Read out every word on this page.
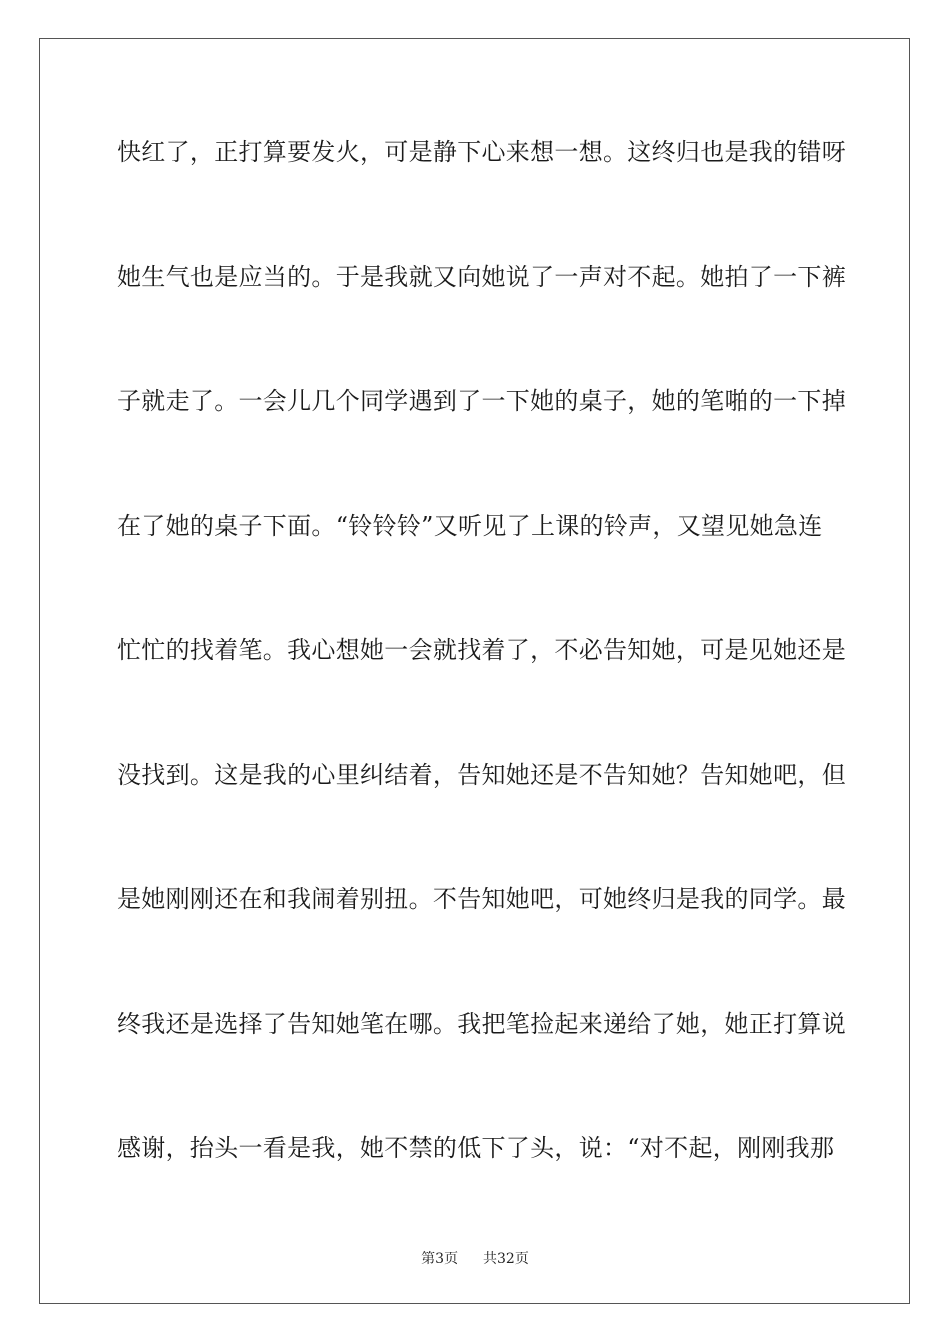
快红了，正打算要发火，可是静下心来想一想。这终归也是我的错呀
她生气也是应当的。于是我就又向她说了一声对不起。她拍了一下裤
子就走了。一会儿几个同学遇到了一下她的桌子，她的笔啪的一下掉
在了她的桌子下面。“铃铃铃”又听见了上课的铃声，又望见她急连
忙忙的找着笔。我心想她一会就找着了，不必告知她，可是见她还是
没找到。这是我的心里纠结着，告知她还是不告知她？告知她吧，但
是她刚刚还在和我闹着别扭。不告知她吧，可她终归是我的同学。最
终我还是选择了告知她笔在哪。我把笔捡起来递给了她，她正打算说
感谢，抬头一看是我，她不禁的低下了头，说：“对不起，刚刚我那
第3页 共32页
